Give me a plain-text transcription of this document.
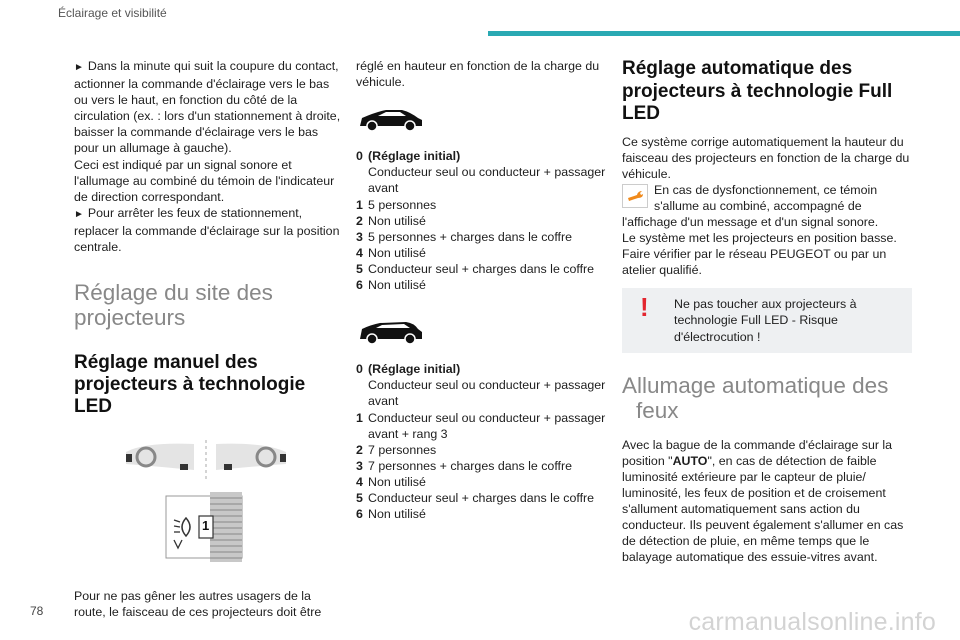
Éclairage et visibilité

► Dans la minute qui suit la coupure du contact, actionner la commande d'éclairage vers le bas ou vers le haut, en fonction du côté de la circulation (ex. : lors d'un stationnement à droite, baisser la commande d'éclairage vers le bas pour un allumage à gauche).

Ceci est indiqué par un signal sonore et l'allumage au combiné du témoin de l'indicateur de direction correspondant.

► Pour arrêter les feux de stationnement, replacer la commande d'éclairage sur la position centrale.

Réglage du site des projecteurs
Réglage manuel des projecteurs à technologie LED
1

Pour ne pas gêner les autres usagers de la route, le faisceau de ces projecteurs doit être

réglé en hauteur en fonction de la charge du véhicule.

0 (Réglage initial)
Conducteur seul ou conducteur + passager avant
1 5 personnes
2 Non utilisé
3 5 personnes + charges dans le coffre
4 Non utilisé
5 Conducteur seul + charges dans le coffre
6 Non utilisé
0 (Réglage initial)
Conducteur seul ou conducteur + passager avant
1 Conducteur seul ou conducteur + passager avant + rang 3
2 7 personnes
3 7 personnes + charges dans le coffre
4 Non utilisé
5 Conducteur seul + charges dans le coffre
6 Non utilisé
Réglage automatique des projecteurs à technologie Full LED

Ce système corrige automatiquement la hauteur du faisceau des projecteurs en fonction de la charge du véhicule.

En cas de dysfonctionnement, ce témoin s'allume au combiné, accompagné de l'affichage d'un message et d'un signal sonore.

Le système met les projecteurs en position basse.

Faire vérifier par le réseau PEUGEOT ou par un atelier qualifié.

!	Ne pas toucher aux projecteurs à technologie Full LED - Risque d'électrocution !

Allumage automatique des feux

Avec la bague de la commande d'éclairage sur la position "AUTO", en cas de détection de faible luminosité extérieure par le capteur de pluie/ luminosité, les feux de position et de croisement s'allument automatiquement sans action du conducteur. Ils peuvent également s'allumer en cas de détection de pluie, en même temps que le balayage automatique des essuie-vitres avant.

78	carmanualsonline.info
